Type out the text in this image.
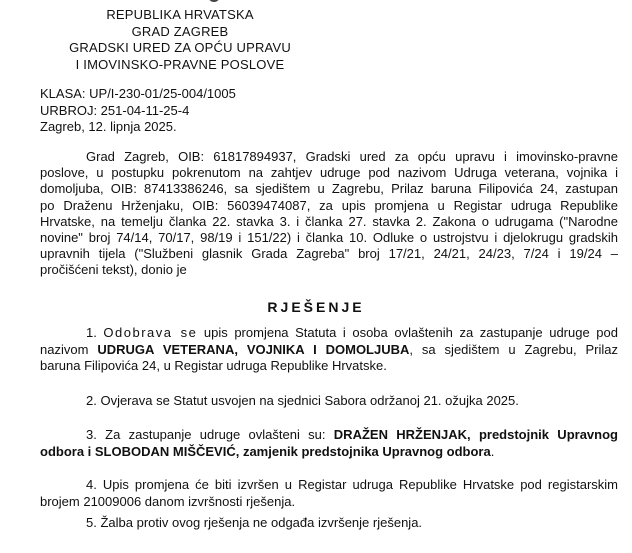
REPUBLIKA HRVATSKA
GRAD ZAGREB
GRADSKI URED ZA OPĆU UPRAVU
I IMOVINSKO-PRAVNE POSLOVE
KLASA: UP/I-230-01/25-004/1005
URBROJ: 251-04-11-25-4
Zagreb, 12. lipnja 2025.
Grad Zagreb, OIB: 61817894937, Gradski ured za opću upravu i imovinsko-pravne
poslove, u postupku pokrenutom na zahtjev udruge pod nazivom Udruga veterana, vojnika i
domoljuba, OIB: 87413386246, sa sjedištem u Zagrebu, Prilaz baruna Filipovića 24, zastupan
po Draženu Hrženjaku, OIB: 56039474087, za upis promjena u Registar udruga Republike
Hrvatske, na temelju članka 22. stavka 3. i članka 27. stavka 2. Zakona o udrugama ("Narodne
novine" broj 74/14, 70/17, 98/19 i 151/22) i članka 10. Odluke o ustrojstvu i djelokrugu gradskih
upravnih tijela ("Službeni glasnik Grada Zagreba" broj 17/21, 24/21, 24/23, 7/24 i 19/24 –
pročišćeni tekst), donio je
RJEŠENJE
1. Odobrava se upis promjena Statuta i osoba ovlaštenih za zastupanje udruge pod
nazivom UDRUGA VETERANA, VOJNIKA I DOMOLJUBA, sa sjedištem u Zagrebu, Prilaz
baruna Filipovića 24, u Registar udruga Republike Hrvatske.
2. Ovjerava se Statut usvojen na sjednici Sabora održanoj 21. ožujka 2025.
3. Za zastupanje udruge ovlašteni su: DRAŽEN HRŽENJAK, predstojnik Upravnog
odbora i SLOBODAN MIŠČEVIĆ, zamjenik predstojnika Upravnog odbora.
4. Upis promjena će biti izvršen u Registar udruga Republike Hrvatske pod registarskim
brojem 21009006 danom izvršnosti rješenja.
5. Žalba protiv ovog rješenja ne odgađa izvršenje rješenja.
